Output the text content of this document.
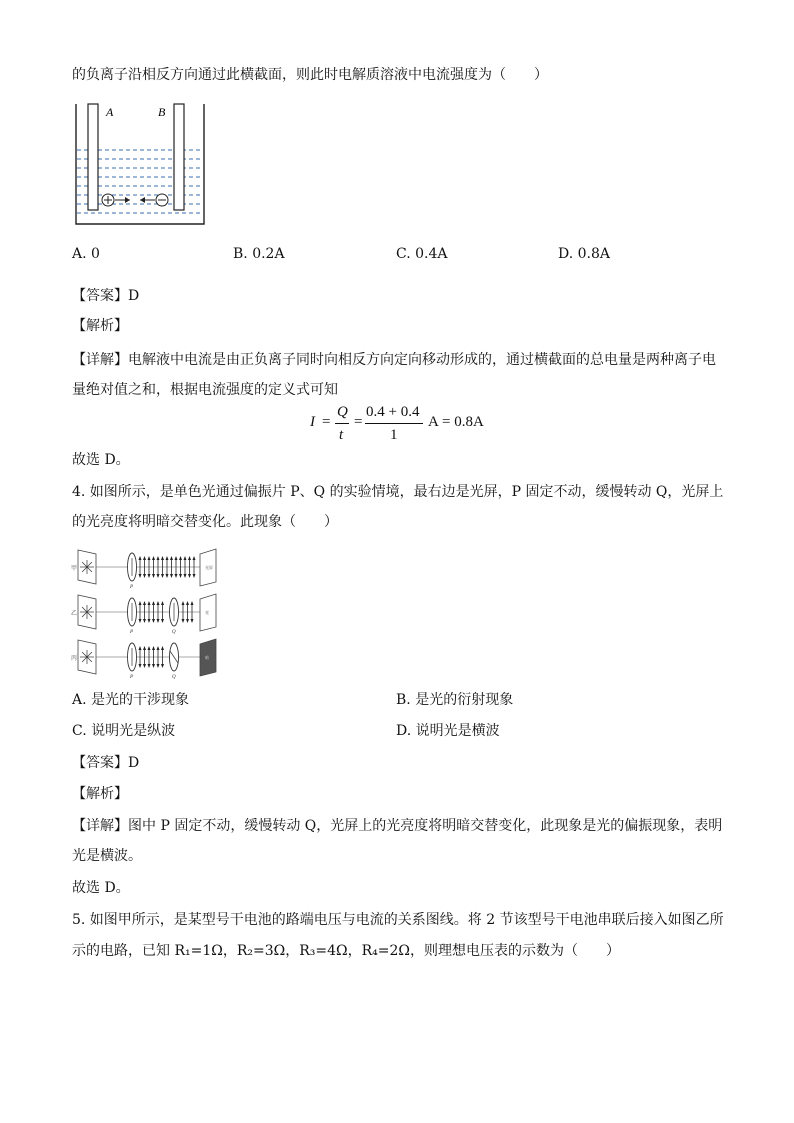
的负离子沿相反方向通过此横截面，则此时电解质溶液中电流强度为（　　）
A	B
A. 0	B. 0.2A	C. 0.4A	D. 0.8A
【答案】D
【解析】
【详解】电解液中电流是由正负离子同时向相反方向定向移动形成的，通过横截面的总电量是两种离子电
量绝对值之和，根据电流强度的定义式可知
I =
Q
t
=
0.4 + 0.4
1
A = 0.8A
故选 D。
4. 如图所示，是单色光通过偏振片 P、Q 的实验情境，最右边是光屏，P 固定不动，缓慢转动 Q，光屏上
的光亮度将明暗交替变化。此现象（　　）
甲
P
光屏
乙
P	Q
亮
丙
P	Q
暗
A. 是光的干涉现象	B. 是光的衍射现象
C. 说明光是纵波	D. 说明光是横波
【答案】D
【解析】
【详解】图中 P 固定不动，缓慢转动 Q，光屏上的光亮度将明暗交替变化，此现象是光的偏振现象，表明
光是横波。
故选 D。
5. 如图甲所示，是某型号干电池的路端电压与电流的关系图线。将 2 节该型号干电池串联后接入如图乙所
示的电路，已知 R₁=1Ω，R₂=3Ω，R₃=4Ω，R₄=2Ω，则理想电压表的示数为（　　）
